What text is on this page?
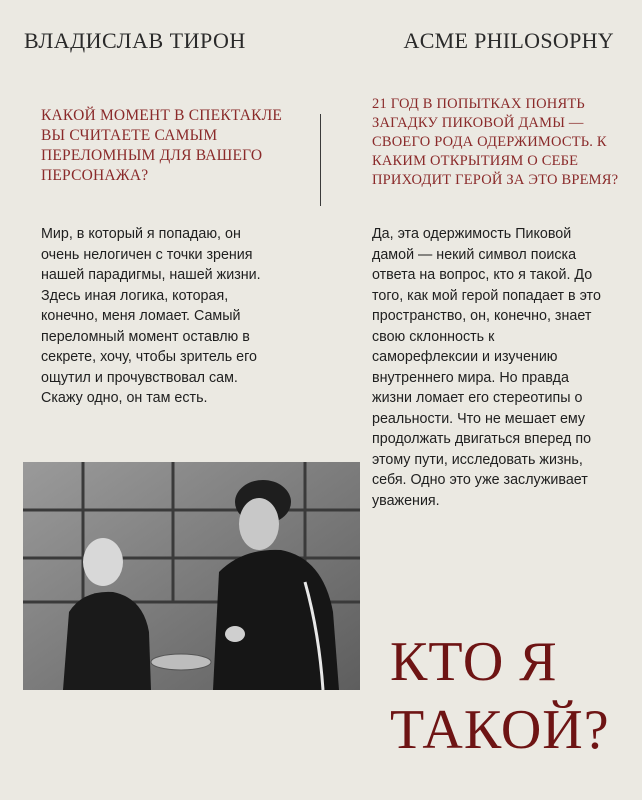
ВЛАДИСЛАВ ТИРОН	ACME PHILOSOPHY
КАКОЙ МОМЕНТ В СПЕКТАКЛЕ ВЫ СЧИТАЕТЕ САМЫМ ПЕРЕЛОМНЫМ ДЛЯ ВАШЕГО ПЕРСОНАЖА?
21 ГОД В ПОПЫТКАХ ПОНЯТЬ ЗАГАДКУ ПИКОВОЙ ДАМЫ — СВОЕГО РОДА ОДЕРЖИМОСТЬ. К КАКИМ ОТКРЫТИЯМ О СЕБЕ ПРИХОДИТ ГЕРОЙ ЗА ЭТО ВРЕМЯ?
Мир, в который я попадаю, он очень нелогичен с точки зрения нашей парадигмы, нашей жизни. Здесь иная логика, которая, конечно, меня ломает. Самый переломный момент оставлю в секрете, хочу, чтобы зритель его ощутил и прочувствовал сам. Скажу одно, он там есть.
Да, эта одержимость Пиковой дамой — некий символ поиска ответа на вопрос, кто я такой. До того, как мой герой попадает в это пространство, он, конечно, знает свою склонность к саморефлексии и изучению внутреннего мира. Но правда жизни ломает его стереотипы о реальности. Что не мешает ему продолжать двигаться вперед по этому пути, исследовать жизнь, себя. Одно это уже заслуживает уважения.
КТО Я
ТАКОЙ?
